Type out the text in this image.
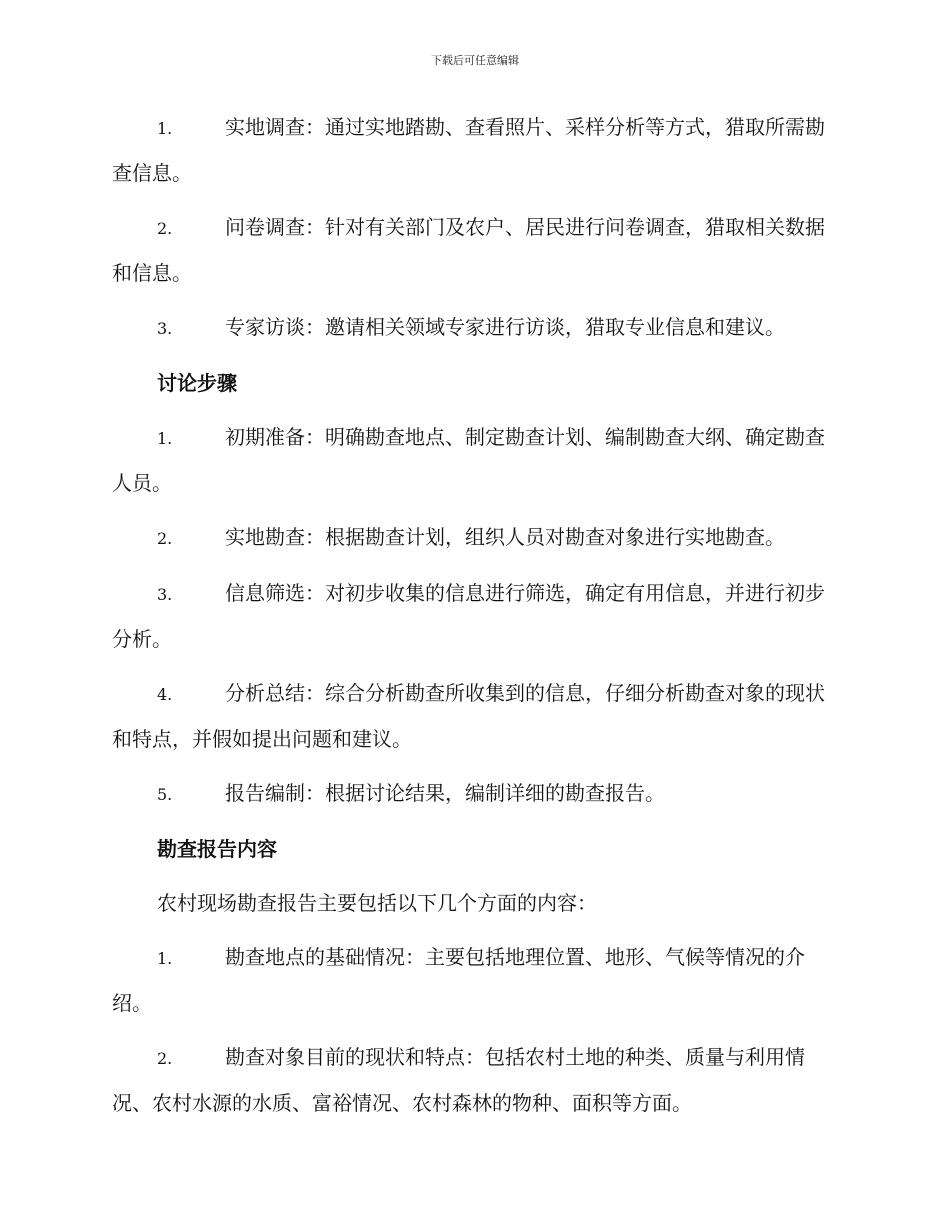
下载后可任意编辑
1.	实地调查：通过实地踏勘、查看照片、采样分析等方式，猎取所需勘查信息。
2.	问卷调查：针对有关部门及农户、居民进行问卷调查，猎取相关数据和信息。
3.	专家访谈：邀请相关领域专家进行访谈，猎取专业信息和建议。
讨论步骤
1.	初期准备：明确勘查地点、制定勘查计划、编制勘查大纲、确定勘查人员。
2.	实地勘查：根据勘查计划，组织人员对勘查对象进行实地勘查。
3.	信息筛选：对初步收集的信息进行筛选，确定有用信息，并进行初步分析。
4.	分析总结：综合分析勘查所收集到的信息，仔细分析勘查对象的现状和特点，并假如提出问题和建议。
5.	报告编制：根据讨论结果，编制详细的勘查报告。
勘查报告内容
农村现场勘查报告主要包括以下几个方面的内容：
1.	勘查地点的基础情况：主要包括地理位置、地形、气候等情况的介绍。
2.	勘查对象目前的现状和特点：包括农村土地的种类、质量与利用情况、农村水源的水质、富裕情况、农村森林的物种、面积等方面。
